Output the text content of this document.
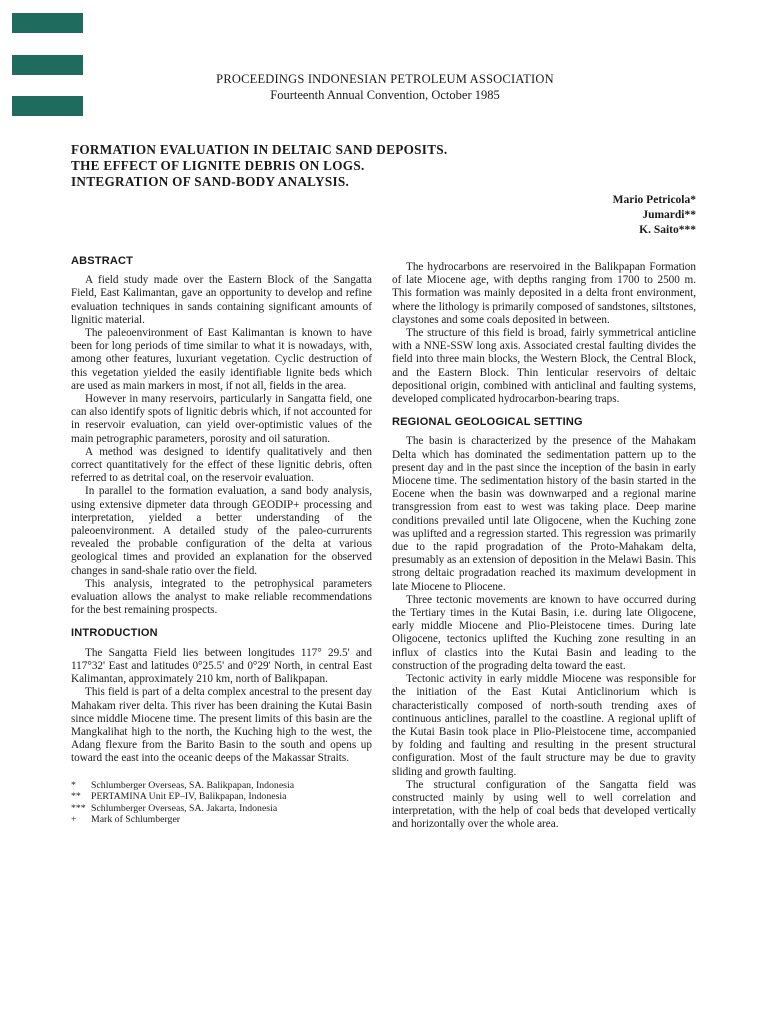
PROCEEDINGS INDONESIAN PETROLEUM ASSOCIATION
Fourteenth Annual Convention, October 1985
FORMATION EVALUATION IN DELTAIC SAND DEPOSITS.
THE EFFECT OF LIGNITE DEBRIS ON LOGS.
INTEGRATION OF SAND-BODY ANALYSIS.
Mario Petricola*
Jumardi**
K. Saito***
ABSTRACT

A field study made over the Eastern Block of the Sangatta Field, East Kalimantan, gave an opportunity to develop and refine evaluation techniques in sands containing significant amounts of lignitic material.

The paleoenvironment of East Kalimantan is known to have been for long periods of time similar to what it is nowadays, with, among other features, luxuriant vegetation. Cyclic destruction of this vegetation yielded the easily identifiable lignite beds which are used as main markers in most, if not all, fields in the area.

However in many reservoirs, particularly in Sangatta field, one can also identify spots of lignitic debris which, if not accounted for in reservoir evaluation, can yield over-optimistic values of the main petrographic parameters, porosity and oil saturation.

A method was designed to identify qualitatively and then correct quantitatively for the effect of these lignitic debris, often referred to as detrital coal, on the reservoir evaluation.

In parallel to the formation evaluation, a sand body analysis, using extensive dipmeter data through GEODIP+ processing and interpretation, yielded a better understanding of the paleoenvironment. A detailed study of the paleo-currurents revealed the probable configuration of the delta at various geological times and provided an explanation for the observed changes in sand-shale ratio over the field.

This analysis, integrated to the petrophysical parameters evaluation allows the analyst to make reliable recommendations for the best remaining prospects.

INTRODUCTION

The Sangatta Field lies between longitudes 117° 29.5' and 117°32' East and latitudes 0°25.5' and 0°29' North, in central East Kalimantan, approximately 210 km, north of Balikpapan.

This field is part of a delta complex ancestral to the present day Mahakam river delta. This river has been draining the Kutai Basin since middle Miocene time. The present limits of this basin are the Mangkalihat high to the north, the Kuching high to the west, the Adang flexure from the Barito Basin to the south and opens up toward the east into the oceanic deeps of the Makassar Straits.

*	Schlumberger Overseas, SA. Balikpapan, Indonesia
**	PERTAMINA Unit EP–IV, Balikpapan, Indonesia
*** Schlumberger Overseas, SA. Jakarta, Indonesia
+	Mark of Schlumberger

The hydrocarbons are reservoired in the Balikpapan Formation of late Miocene age, with depths ranging from 1700 to 2500 m. This formation was mainly deposited in a delta front environment, where the lithology is primarily composed of sandstones, siltstones, claystones and some coals deposited in between.

The structure of this field is broad, fairly symmetrical anticline with a NNE-SSW long axis. Associated crestal faulting divides the field into three main blocks, the Western Block, the Central Block, and the Eastern Block. Thin lenticular reservoirs of deltaic depositional origin, combined with anticlinal and faulting systems, developed complicated hydrocarbon-bearing traps.

REGIONAL GEOLOGICAL SETTING

The basin is characterized by the presence of the Mahakam Delta which has dominated the sedimentation pattern up to the present day and in the past since the inception of the basin in early Miocene time. The sedimentation history of the basin started in the Eocene when the basin was downwarped and a regional marine transgression from east to west was taking place. Deep marine conditions prevailed until late Oligocene, when the Kuching zone was uplifted and a regression started. This regression was primarily due to the rapid progradation of the Proto-Mahakam delta, presumably as an extension of deposition in the Melawi Basin. This strong deltaic progradation reached its maximum development in late Miocene to Pliocene.

Three tectonic movements are known to have occurred during the Tertiary times in the Kutai Basin, i.e. during late Oligocene, early middle Miocene and Plio-Pleistocene times. During late Oligocene, tectonics uplifted the Kuching zone resulting in an influx of clastics into the Kutai Basin and leading to the construction of the prograding delta toward the east.

Tectonic activity in early middle Miocene was responsible for the initiation of the East Kutai Anticlinorium which is characteristically composed of north-south trending axes of continuous anticlines, parallel to the coastline. A regional uplift of the Kutai Basin took place in Plio-Pleistocene time, accompanied by folding and faulting and resulting in the present structural configuration. Most of the fault structure may be due to gravity sliding and growth faulting.

The structural configuration of the Sangatta field was constructed mainly by using well to well correlation and interpretation, with the help of coal beds that developed vertically and horizontally over the whole area.
